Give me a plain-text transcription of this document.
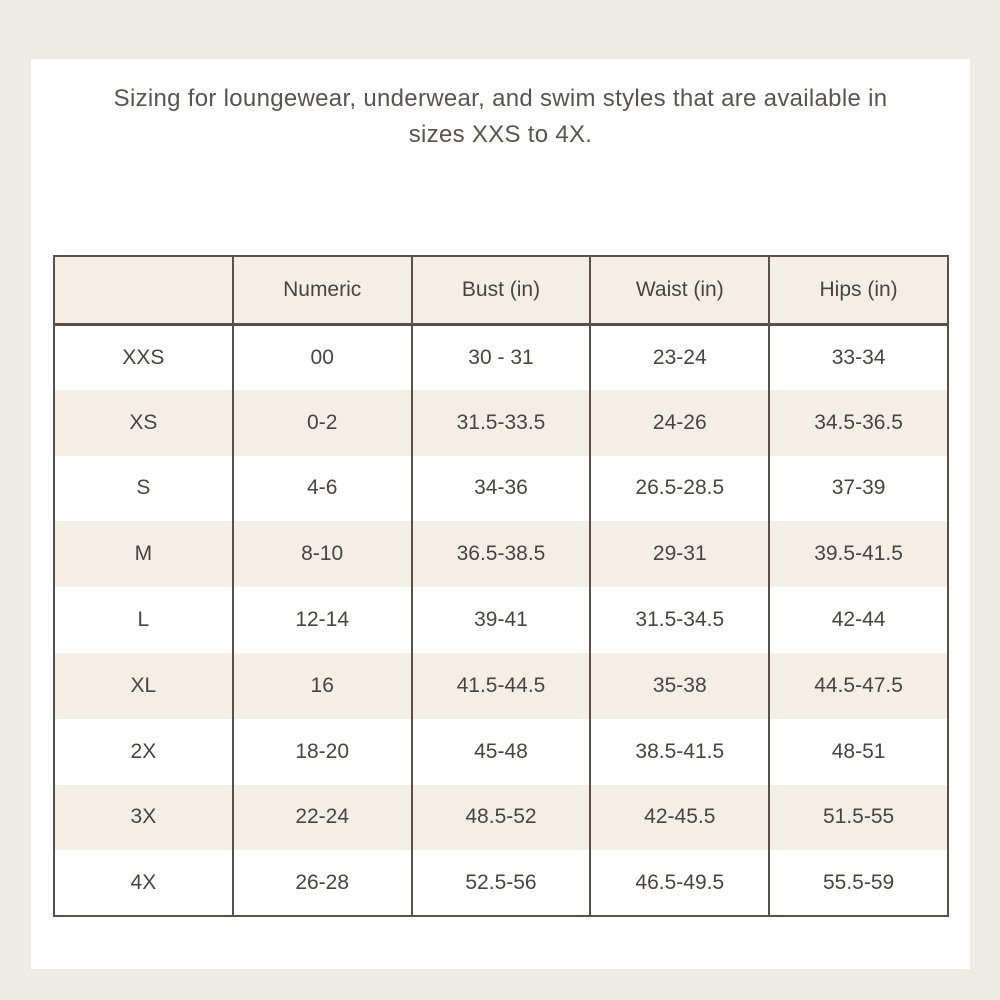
Sizing for loungewear, underwear, and swim styles that are available in
sizes XXS to 4X.

	Numeric	Bust (in)	Waist (in)	Hips (in)
XXS	00	30 - 31	23-24	33-34
XS	0-2	31.5-33.5	24-26	34.5-36.5
S	4-6	34-36	26.5-28.5	37-39
M	8-10	36.5-38.5	29-31	39.5-41.5
L	12-14	39-41	31.5-34.5	42-44
XL	16	41.5-44.5	35-38	44.5-47.5
2X	18-20	45-48	38.5-41.5	48-51
3X	22-24	48.5-52	42-45.5	51.5-55
4X	26-28	52.5-56	46.5-49.5	55.5-59
